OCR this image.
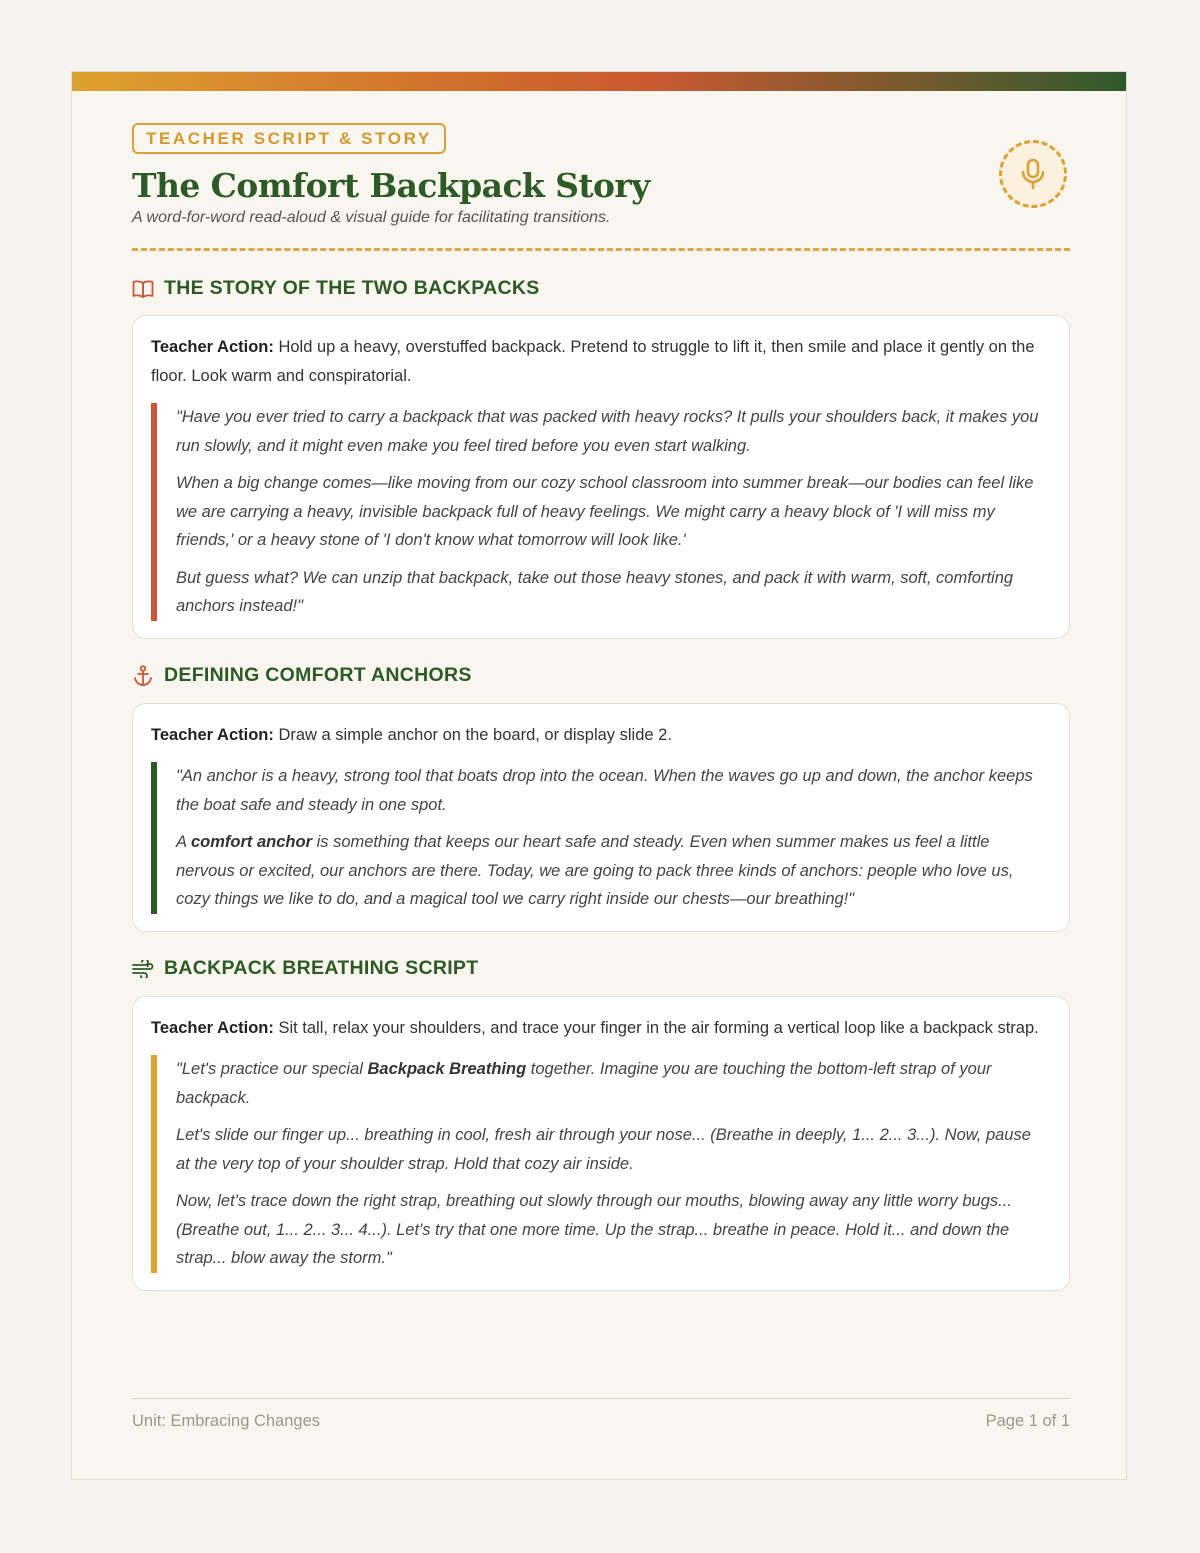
TEACHER SCRIPT & STORY
The Comfort Backpack Story

A word-for-word read-aloud & visual guide for facilitating transitions.

THE STORY OF THE TWO BACKPACKS

Teacher Action: Hold up a heavy, overstuffed backpack. Pretend to struggle to lift it, then smile and place it gently on the floor. Look warm and conspiratorial.

"Have you ever tried to carry a backpack that was packed with heavy rocks? It pulls your shoulders back, it makes you run slowly, and it might even make you feel tired before you even start walking.

When a big change comes—like moving from our cozy school classroom into summer break—our bodies can feel like we are carrying a heavy, invisible backpack full of heavy feelings. We might carry a heavy block of 'I will miss my friends,' or a heavy stone of 'I don't know what tomorrow will look like.'

But guess what? We can unzip that backpack, take out those heavy stones, and pack it with warm, soft, comforting anchors instead!"

DEFINING COMFORT ANCHORS

Teacher Action: Draw a simple anchor on the board, or display slide 2.

"An anchor is a heavy, strong tool that boats drop into the ocean. When the waves go up and down, the anchor keeps the boat safe and steady in one spot.

A comfort anchor is something that keeps our heart safe and steady. Even when summer makes us feel a little nervous or excited, our anchors are there. Today, we are going to pack three kinds of anchors: people who love us, cozy things we like to do, and a magical tool we carry right inside our chests—our breathing!"

BACKPACK BREATHING SCRIPT

Teacher Action: Sit tall, relax your shoulders, and trace your finger in the air forming a vertical loop like a backpack strap.

"Let's practice our special Backpack Breathing together. Imagine you are touching the bottom-left strap of your backpack.

Let's slide our finger up... breathing in cool, fresh air through your nose... (Breathe in deeply, 1... 2... 3...). Now, pause at the very top of your shoulder strap. Hold that cozy air inside.

Now, let's trace down the right strap, breathing out slowly through our mouths, blowing away any little worry bugs... (Breathe out, 1... 2... 3... 4...). Let's try that one more time. Up the strap... breathe in peace. Hold it... and down the strap... blow away the storm."

Unit: Embracing Changes	Page 1 of 1
